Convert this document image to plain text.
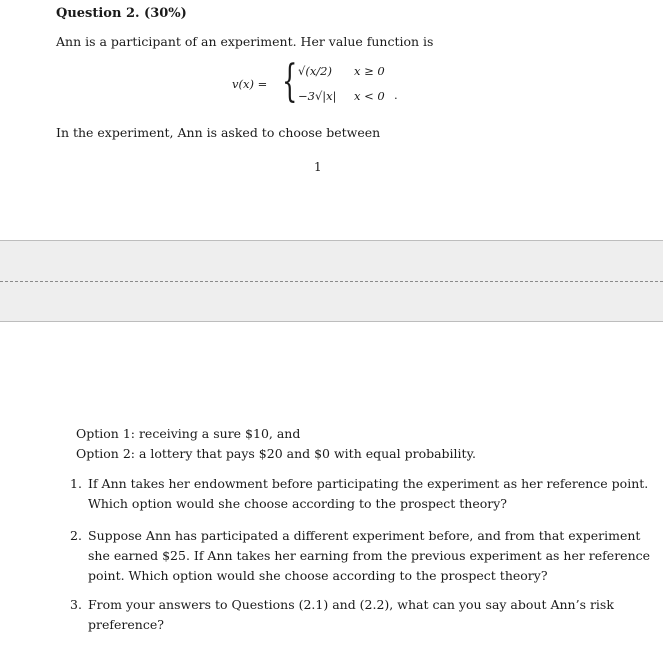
Question 2. (30%)
Ann is a participant of an experiment. Her value function is
v(x) = { √(x/2) x ≥ 0
−3√|x| x < 0 .
In the experiment, Ann is asked to choose between
1
Option 1: receiving a sure $10, and
Option 2: a lottery that pays $20 and $0 with equal probability.
1. If Ann takes her endowment before participating the experiment as her reference point.
Which option would she choose according to the prospect theory?
2. Suppose Ann has participated a different experiment before, and from that experiment
she earned $25. If Ann takes her earning from the previous experiment as her reference
point. Which option would she choose according to the prospect theory?
3. From your answers to Questions (2.1) and (2.2), what can you say about Ann’s risk
preference?
